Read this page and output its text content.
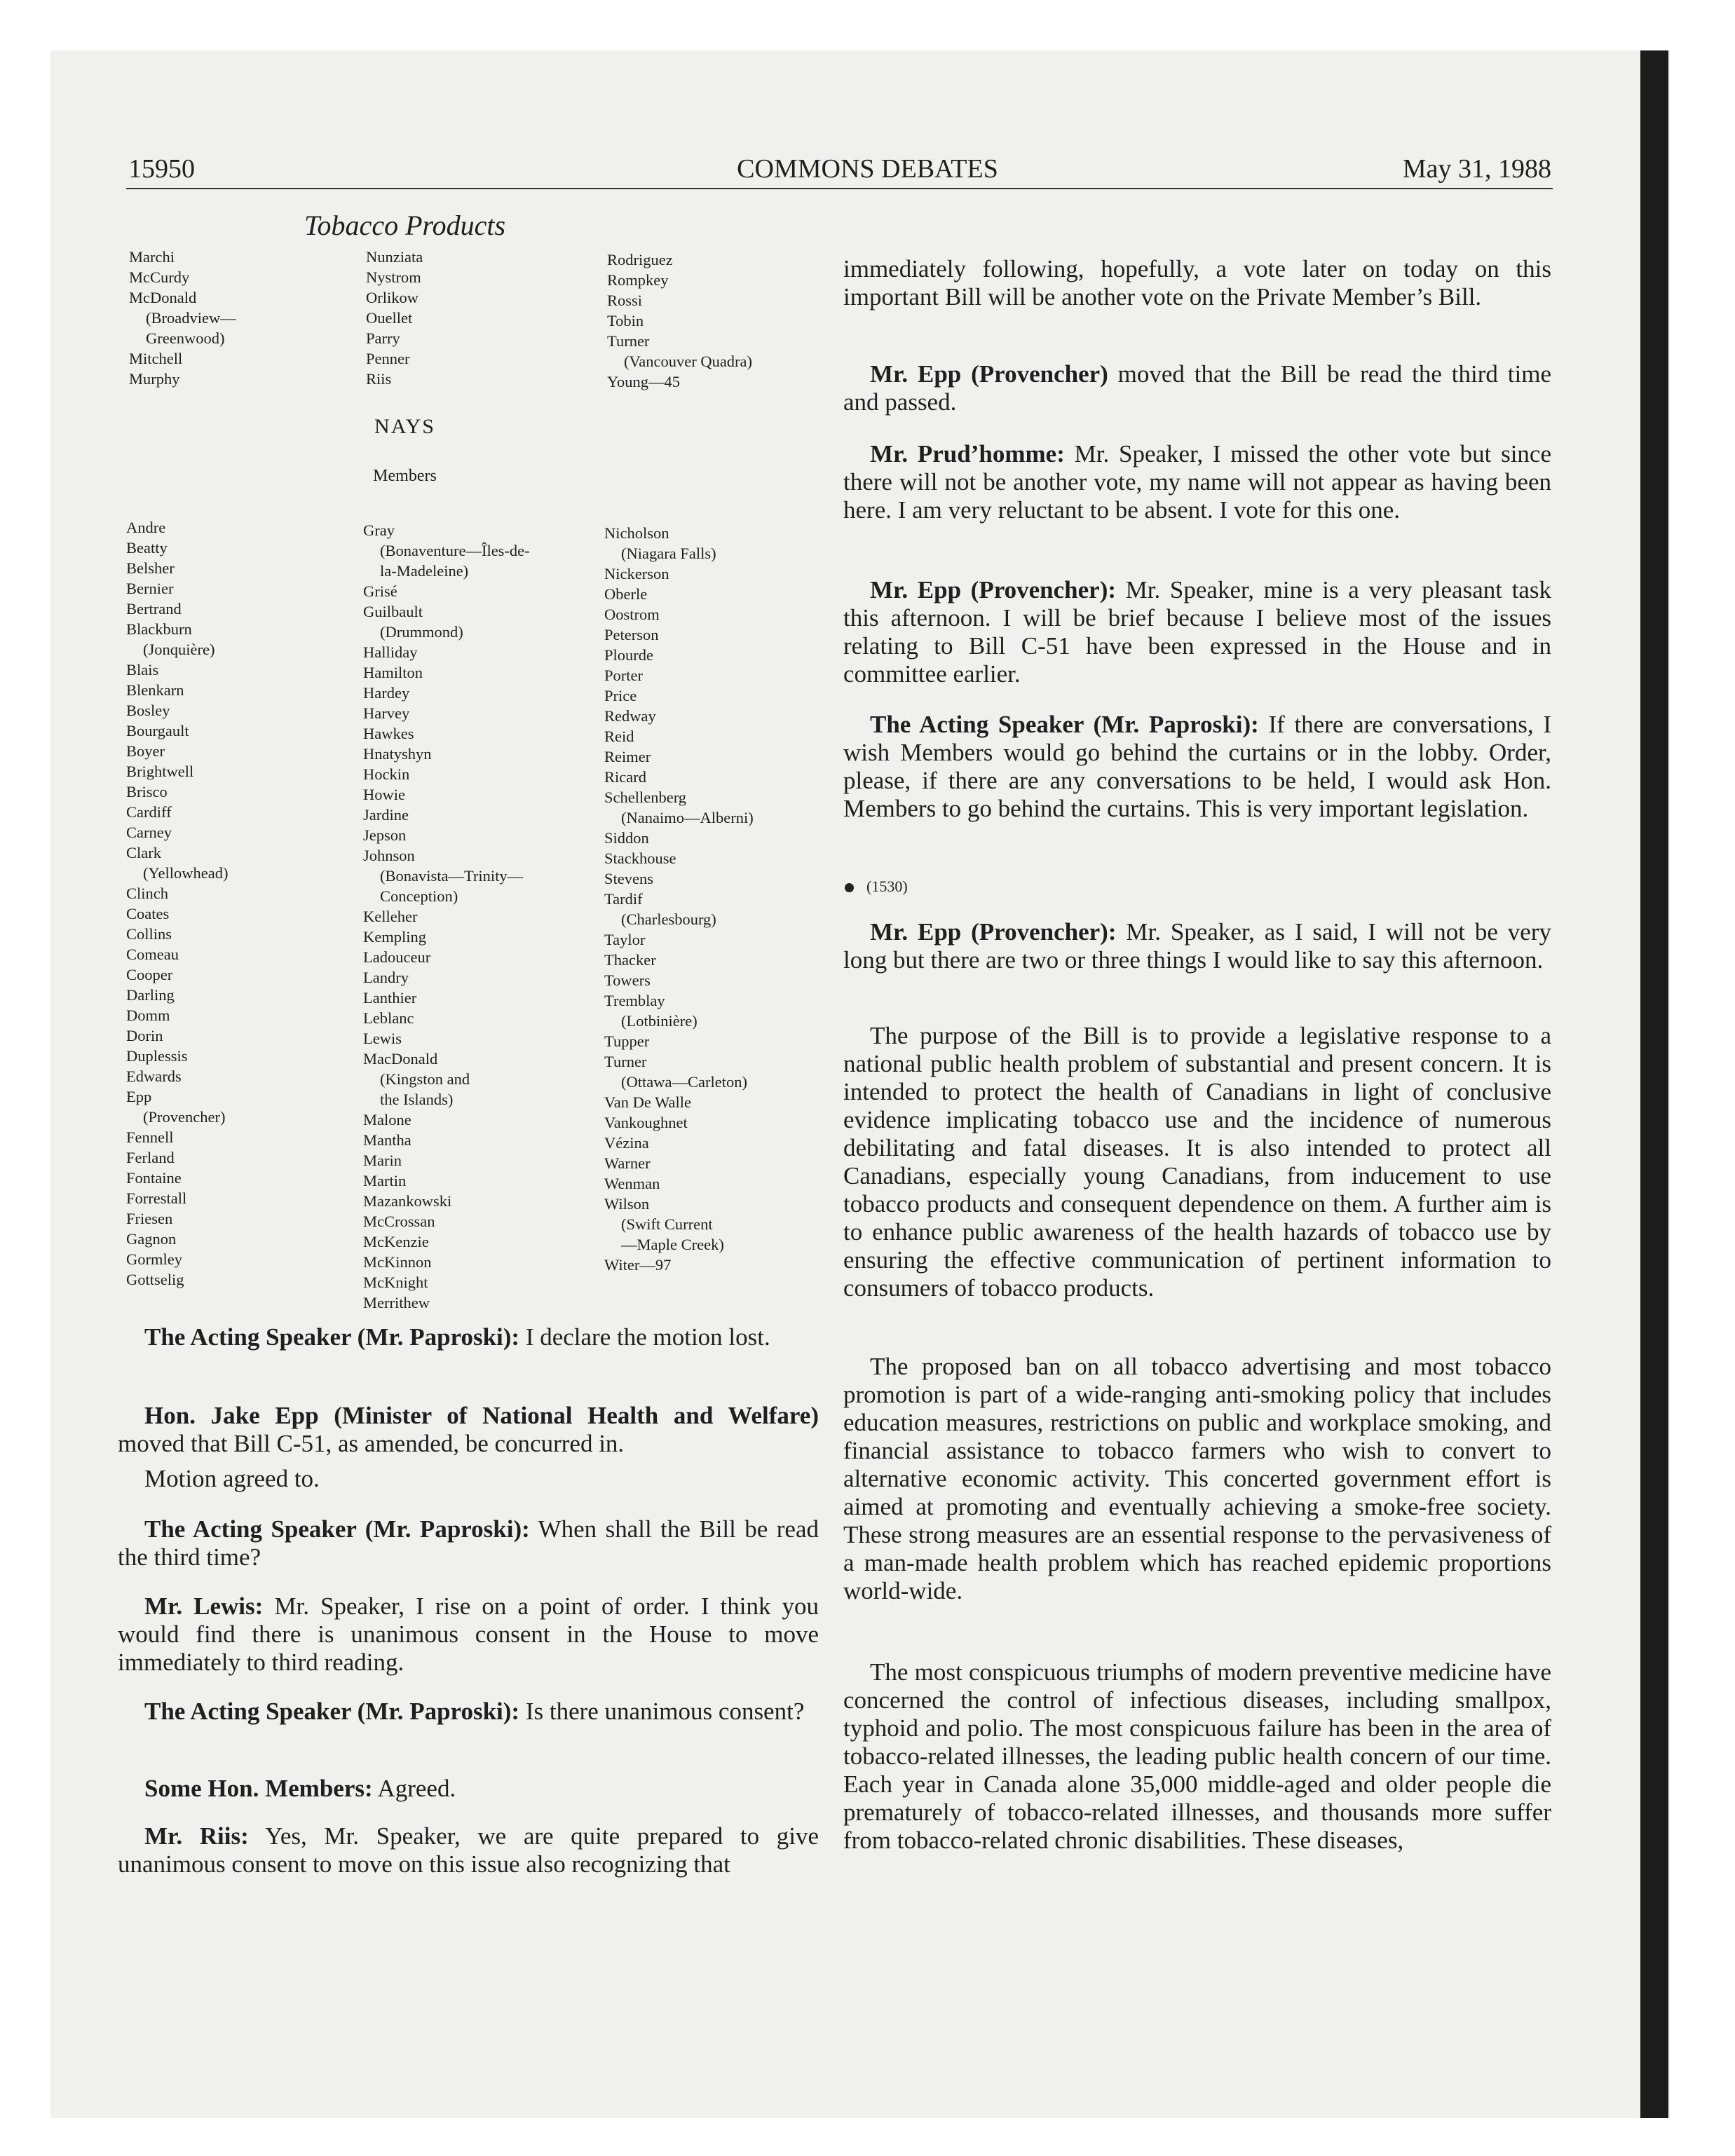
15950	COMMONS DEBATES	May 31, 1988
Tobacco Products
Marchi
McCurdy
McDonald
(Broadview—
Greenwood)
Mitchell
Murphy
Nunziata
Nystrom
Orlikow
Ouellet
Parry
Penner
Riis
Rodriguez
Rompkey
Rossi
Tobin
Turner
(Vancouver Quadra)
Young—45
NAYS
Members
Andre
Beatty
Belsher
Bernier
Bertrand
Blackburn
(Jonquière)
Blais
Blenkarn
Bosley
Bourgault
Boyer
Brightwell
Brisco
Cardiff
Carney
Clark
(Yellowhead)
Clinch
Coates
Collins
Comeau
Cooper
Darling
Domm
Dorin
Duplessis
Edwards
Epp
(Provencher)
Fennell
Ferland
Fontaine
Forrestall
Friesen
Gagnon
Gormley
Gottselig
Gray
(Bonaventure—Îles-de-
la-Madeleine)
Grisé
Guilbault
(Drummond)
Halliday
Hamilton
Hardey
Harvey
Hawkes
Hnatyshyn
Hockin
Howie
Jardine
Jepson
Johnson
(Bonavista—Trinity—
Conception)
Kelleher
Kempling
Ladouceur
Landry
Lanthier
Leblanc
Lewis
MacDonald
(Kingston and
the Islands)
Malone
Mantha
Marin
Martin
Mazankowski
McCrossan
McKenzie
McKinnon
McKnight
Merrithew
Nicholson
(Niagara Falls)
Nickerson
Oberle
Oostrom
Peterson
Plourde
Porter
Price
Redway
Reid
Reimer
Ricard
Schellenberg
(Nanaimo—Alberni)
Siddon
Stackhouse
Stevens
Tardif
(Charlesbourg)
Taylor
Thacker
Towers
Tremblay
(Lotbinière)
Tupper
Turner
(Ottawa—Carleton)
Van De Walle
Vankoughnet
Vézina
Warner
Wenman
Wilson
(Swift Current
—Maple Creek)
Witer—97

The Acting Speaker (Mr. Paproski): I declare the motion lost.

Hon. Jake Epp (Minister of National Health and Welfare) moved that Bill C-51, as amended, be concurred in.

Motion agreed to.

The Acting Speaker (Mr. Paproski): When shall the Bill be read the third time?

Mr. Lewis: Mr. Speaker, I rise on a point of order. I think you would find there is unanimous consent in the House to move immediately to third reading.

The Acting Speaker (Mr. Paproski): Is there unanimous consent?

Some Hon. Members: Agreed.

Mr. Riis: Yes, Mr. Speaker, we are quite prepared to give unanimous consent to move on this issue also recognizing that

immediately following, hopefully, a vote later on today on this important Bill will be another vote on the Private Member’s Bill.

Mr. Epp (Provencher) moved that the Bill be read the third time and passed.

Mr. Prud’homme: Mr. Speaker, I missed the other vote but since there will not be another vote, my name will not appear as having been here. I am very reluctant to be absent. I vote for this one.

Mr. Epp (Provencher): Mr. Speaker, mine is a very pleasant task this afternoon. I will be brief because I believe most of the issues relating to Bill C-51 have been expressed in the House and in committee earlier.

The Acting Speaker (Mr. Paproski): If there are conversations, I wish Members would go behind the curtains or in the lobby. Order, please, if there are any conversations to be held, I would ask Hon. Members to go behind the curtains. This is very important legislation.

(1530)

Mr. Epp (Provencher): Mr. Speaker, as I said, I will not be very long but there are two or three things I would like to say this afternoon.

The purpose of the Bill is to provide a legislative response to a national public health problem of substantial and present concern. It is intended to protect the health of Canadians in light of conclusive evidence implicating tobacco use and the incidence of numerous debilitating and fatal diseases. It is also intended to protect all Canadians, especially young Canadians, from inducement to use tobacco products and consequent dependence on them. A further aim is to enhance public awareness of the health hazards of tobacco use by ensuring the effective communication of pertinent information to consumers of tobacco products.

The proposed ban on all tobacco advertising and most tobacco promotion is part of a wide-ranging anti-smoking policy that includes education measures, restrictions on public and workplace smoking, and financial assistance to tobacco farmers who wish to convert to alternative economic activity. This concerted government effort is aimed at promoting and eventually achieving a smoke-free society. These strong measures are an essential response to the pervasiveness of a man-made health problem which has reached epidemic proportions world-wide.

The most conspicuous triumphs of modern preventive medicine have concerned the control of infectious diseases, including smallpox, typhoid and polio. The most conspicuous failure has been in the area of tobacco-related illnesses, the leading public health concern of our time. Each year in Canada alone 35,000 middle-aged and older people die prematurely of tobacco-related illnesses, and thousands more suffer from tobacco-related chronic disabilities. These diseases,
